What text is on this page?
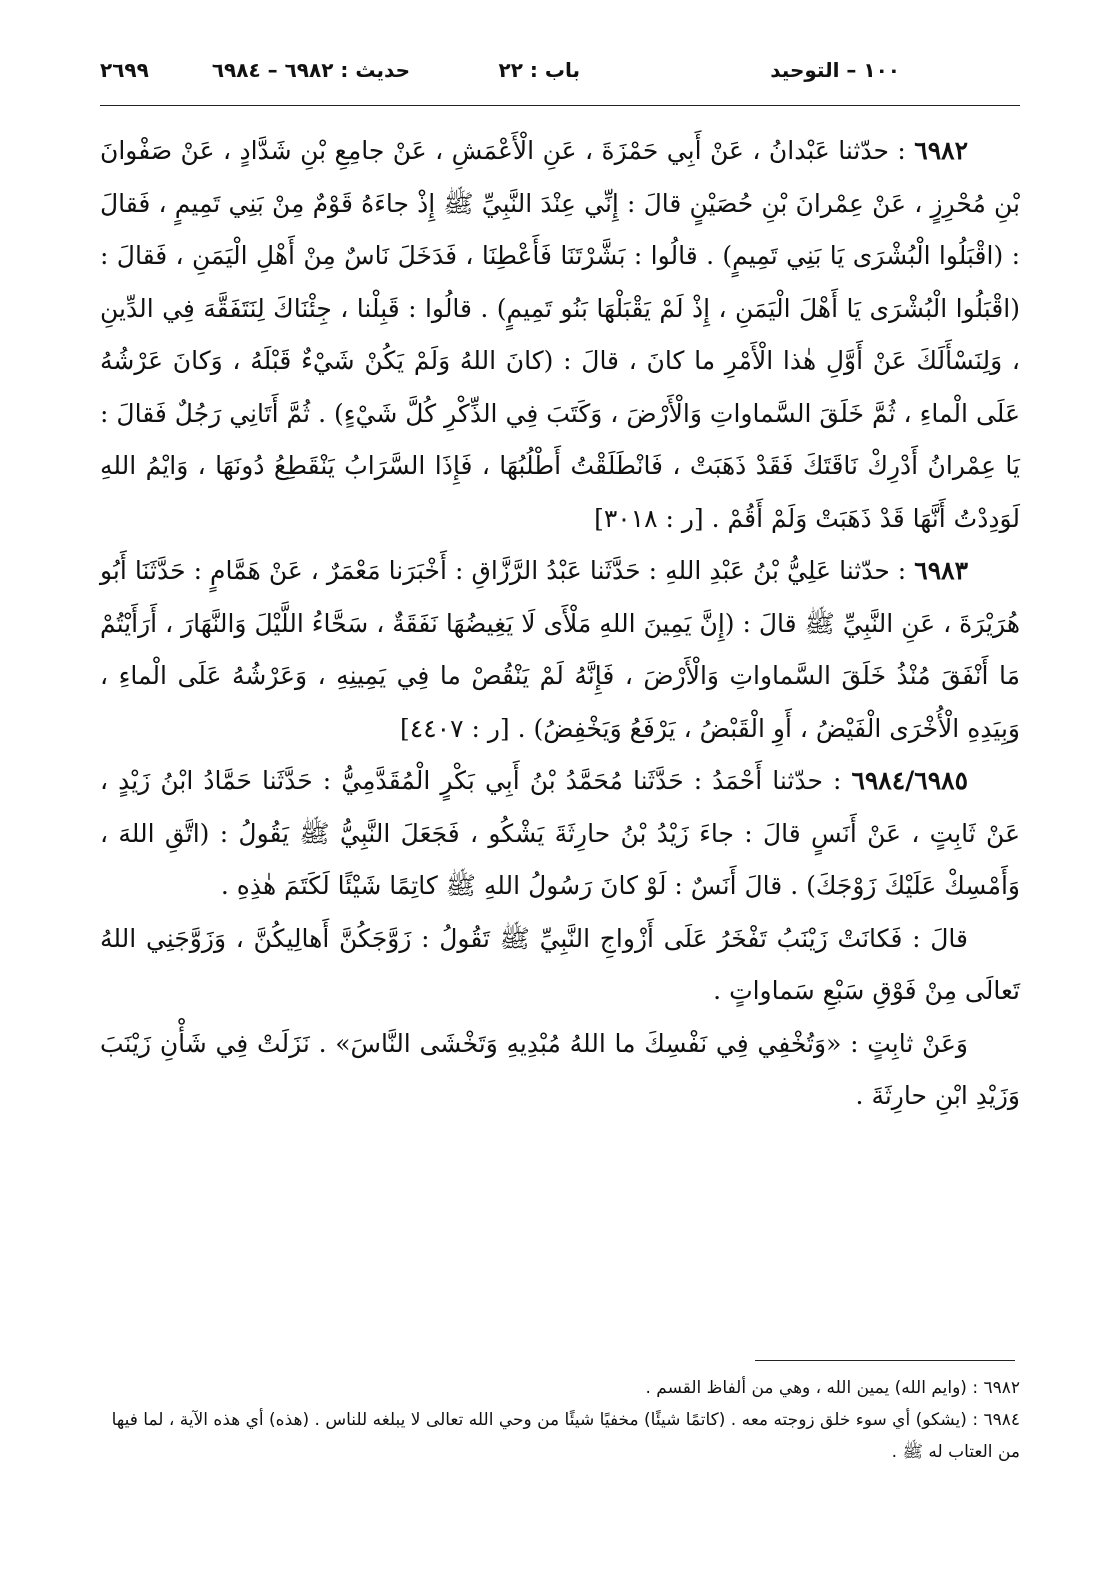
١٠٠ – التوحيد
باب : ٢٢
حديث : ٦٩٨٢ – ٦٩٨٤
٢٦٩٩

٦٩٨٢ : حدّثنا عَبْدانُ ، عَنْ أَبِي حَمْزَةَ ، عَنِ الْأَعْمَشِ ، عَنْ جامِعِ بْنِ شَدَّادٍ ، عَنْ صَفْوانَ بْنِ مُحْرِزٍ ، عَنْ عِمْرانَ بْنِ حُصَيْنٍ قالَ : إِنِّي عِنْدَ النَّبِيِّ ﷺ إِذْ جاءَهُ قَوْمٌ مِنْ بَنِي تَمِيمٍ ، فَقالَ : (اقْبَلُوا الْبُشْرَى يَا بَنِي تَمِيمٍ) . قالُوا : بَشَّرْتَنَا فَأَعْطِنَا ، فَدَخَلَ نَاسٌ مِنْ أَهْلِ الْيَمَنِ ، فَقالَ : (اقْبَلُوا الْبُشْرَى يَا أَهْلَ الْيَمَنِ ، إِذْ لَمْ يَقْبَلْهَا بَنُو تَمِيمٍ) . قالُوا : قَبِلْنا ، جِئْنَاكَ لِنَتَفَقَّهَ فِي الدِّينِ ، وَلِنَسْأَلَكَ عَنْ أَوَّلِ هٰذا الْأَمْرِ ما كانَ ، قالَ : (كانَ اللهُ وَلَمْ يَكُنْ شَيْءٌ قَبْلَهُ ، وَكانَ عَرْشُهُ عَلَى الْماءِ ، ثُمَّ خَلَقَ السَّماواتِ وَالْأَرْضَ ، وَكَتَبَ فِي الذِّكْرِ كُلَّ شَيْءٍ) . ثُمَّ أَتَانِي رَجُلٌ فَقالَ : يَا عِمْرانُ أَدْرِكْ نَاقَتَكَ فَقَدْ ذَهَبَتْ ، فَانْطَلَقْتُ أَطْلُبُهَا ، فَإِذَا السَّرَابُ يَنْقَطِعُ دُونَهَا ، وَايْمُ اللهِ لَوَدِدْتُ أَنَّهَا قَدْ ذَهَبَتْ وَلَمْ أَقُمْ . [ر : ٣٠١٨]

٦٩٨٣ : حدّثنا عَلِيُّ بْنُ عَبْدِ اللهِ : حَدَّثَنا عَبْدُ الرَّزَّاقِ : أَخْبَرَنا مَعْمَرٌ ، عَنْ هَمَّامٍ : حَدَّثَنَا أَبُو هُرَيْرَةَ ، عَنِ النَّبِيِّ ﷺ قالَ : (إِنَّ يَمِينَ اللهِ مَلْأَى لَا يَغِيضُهَا نَفَقَةٌ ، سَحَّاءُ اللَّيْلَ وَالنَّهَارَ ، أَرَأَيْتُمْ مَا أَنْفَقَ مُنْذُ خَلَقَ السَّماواتِ وَالْأَرْضَ ، فَإِنَّهُ لَمْ يَنْقُصْ ما فِي يَمِينِهِ ، وَعَرْشُهُ عَلَى الْماءِ ، وَبِيَدِهِ الْأُخْرَى الْفَيْضُ ، أَوِ الْقَبْضُ ، يَرْفَعُ وَيَخْفِضُ) . [ر : ٤٤٠٧]

٦٩٨٤/٦٩٨٥ : حدّثنا أَحْمَدُ : حَدَّثَنا مُحَمَّدُ بْنُ أَبِي بَكْرٍ الْمُقَدَّمِيُّ : حَدَّثَنا حَمَّادُ ابْنُ زَيْدٍ ، عَنْ ثَابِتٍ ، عَنْ أَنَسٍ قالَ : جاءَ زَيْدُ بْنُ حارِثَةَ يَشْكُو ، فَجَعَلَ النَّبِيُّ ﷺ يَقُولُ : (اتَّقِ اللهَ ، وَأَمْسِكْ عَلَيْكَ زَوْجَكَ) . قالَ أَنَسٌ : لَوْ كانَ رَسُولُ اللهِ ﷺ كاتِمًا شَيْئًا لَكَتَمَ هٰذِهِ .

قالَ : فَكانَتْ زَيْنَبُ تَفْخَرُ عَلَى أَزْواجِ النَّبِيِّ ﷺ تَقُولُ : زَوَّجَكُنَّ أَهالِيكُنَّ ، وَزَوَّجَنِي اللهُ تَعالَى مِنْ فَوْقِ سَبْعِ سَماواتٍ .

وَعَنْ ثابِتٍ : «وَتُخْفِي فِي نَفْسِكَ ما اللهُ مُبْدِيهِ وَتَخْشَى النَّاسَ» . نَزَلَتْ فِي شَأْنِ زَيْنَبَ وَزَيْدِ ابْنِ حارِثَةَ .

٦٩٨٢ : (وايم الله) يمين الله ، وهي من ألفاظ القسم .

٦٩٨٤ : (يشكو) أي سوء خلق زوجته معه . (كاتمًا شيئًا) مخفيًا شيئًا من وحي الله تعالى لا يبلغه للناس . (هذه) أي هذه الآية ، لما فيها من العتاب له ﷺ .
